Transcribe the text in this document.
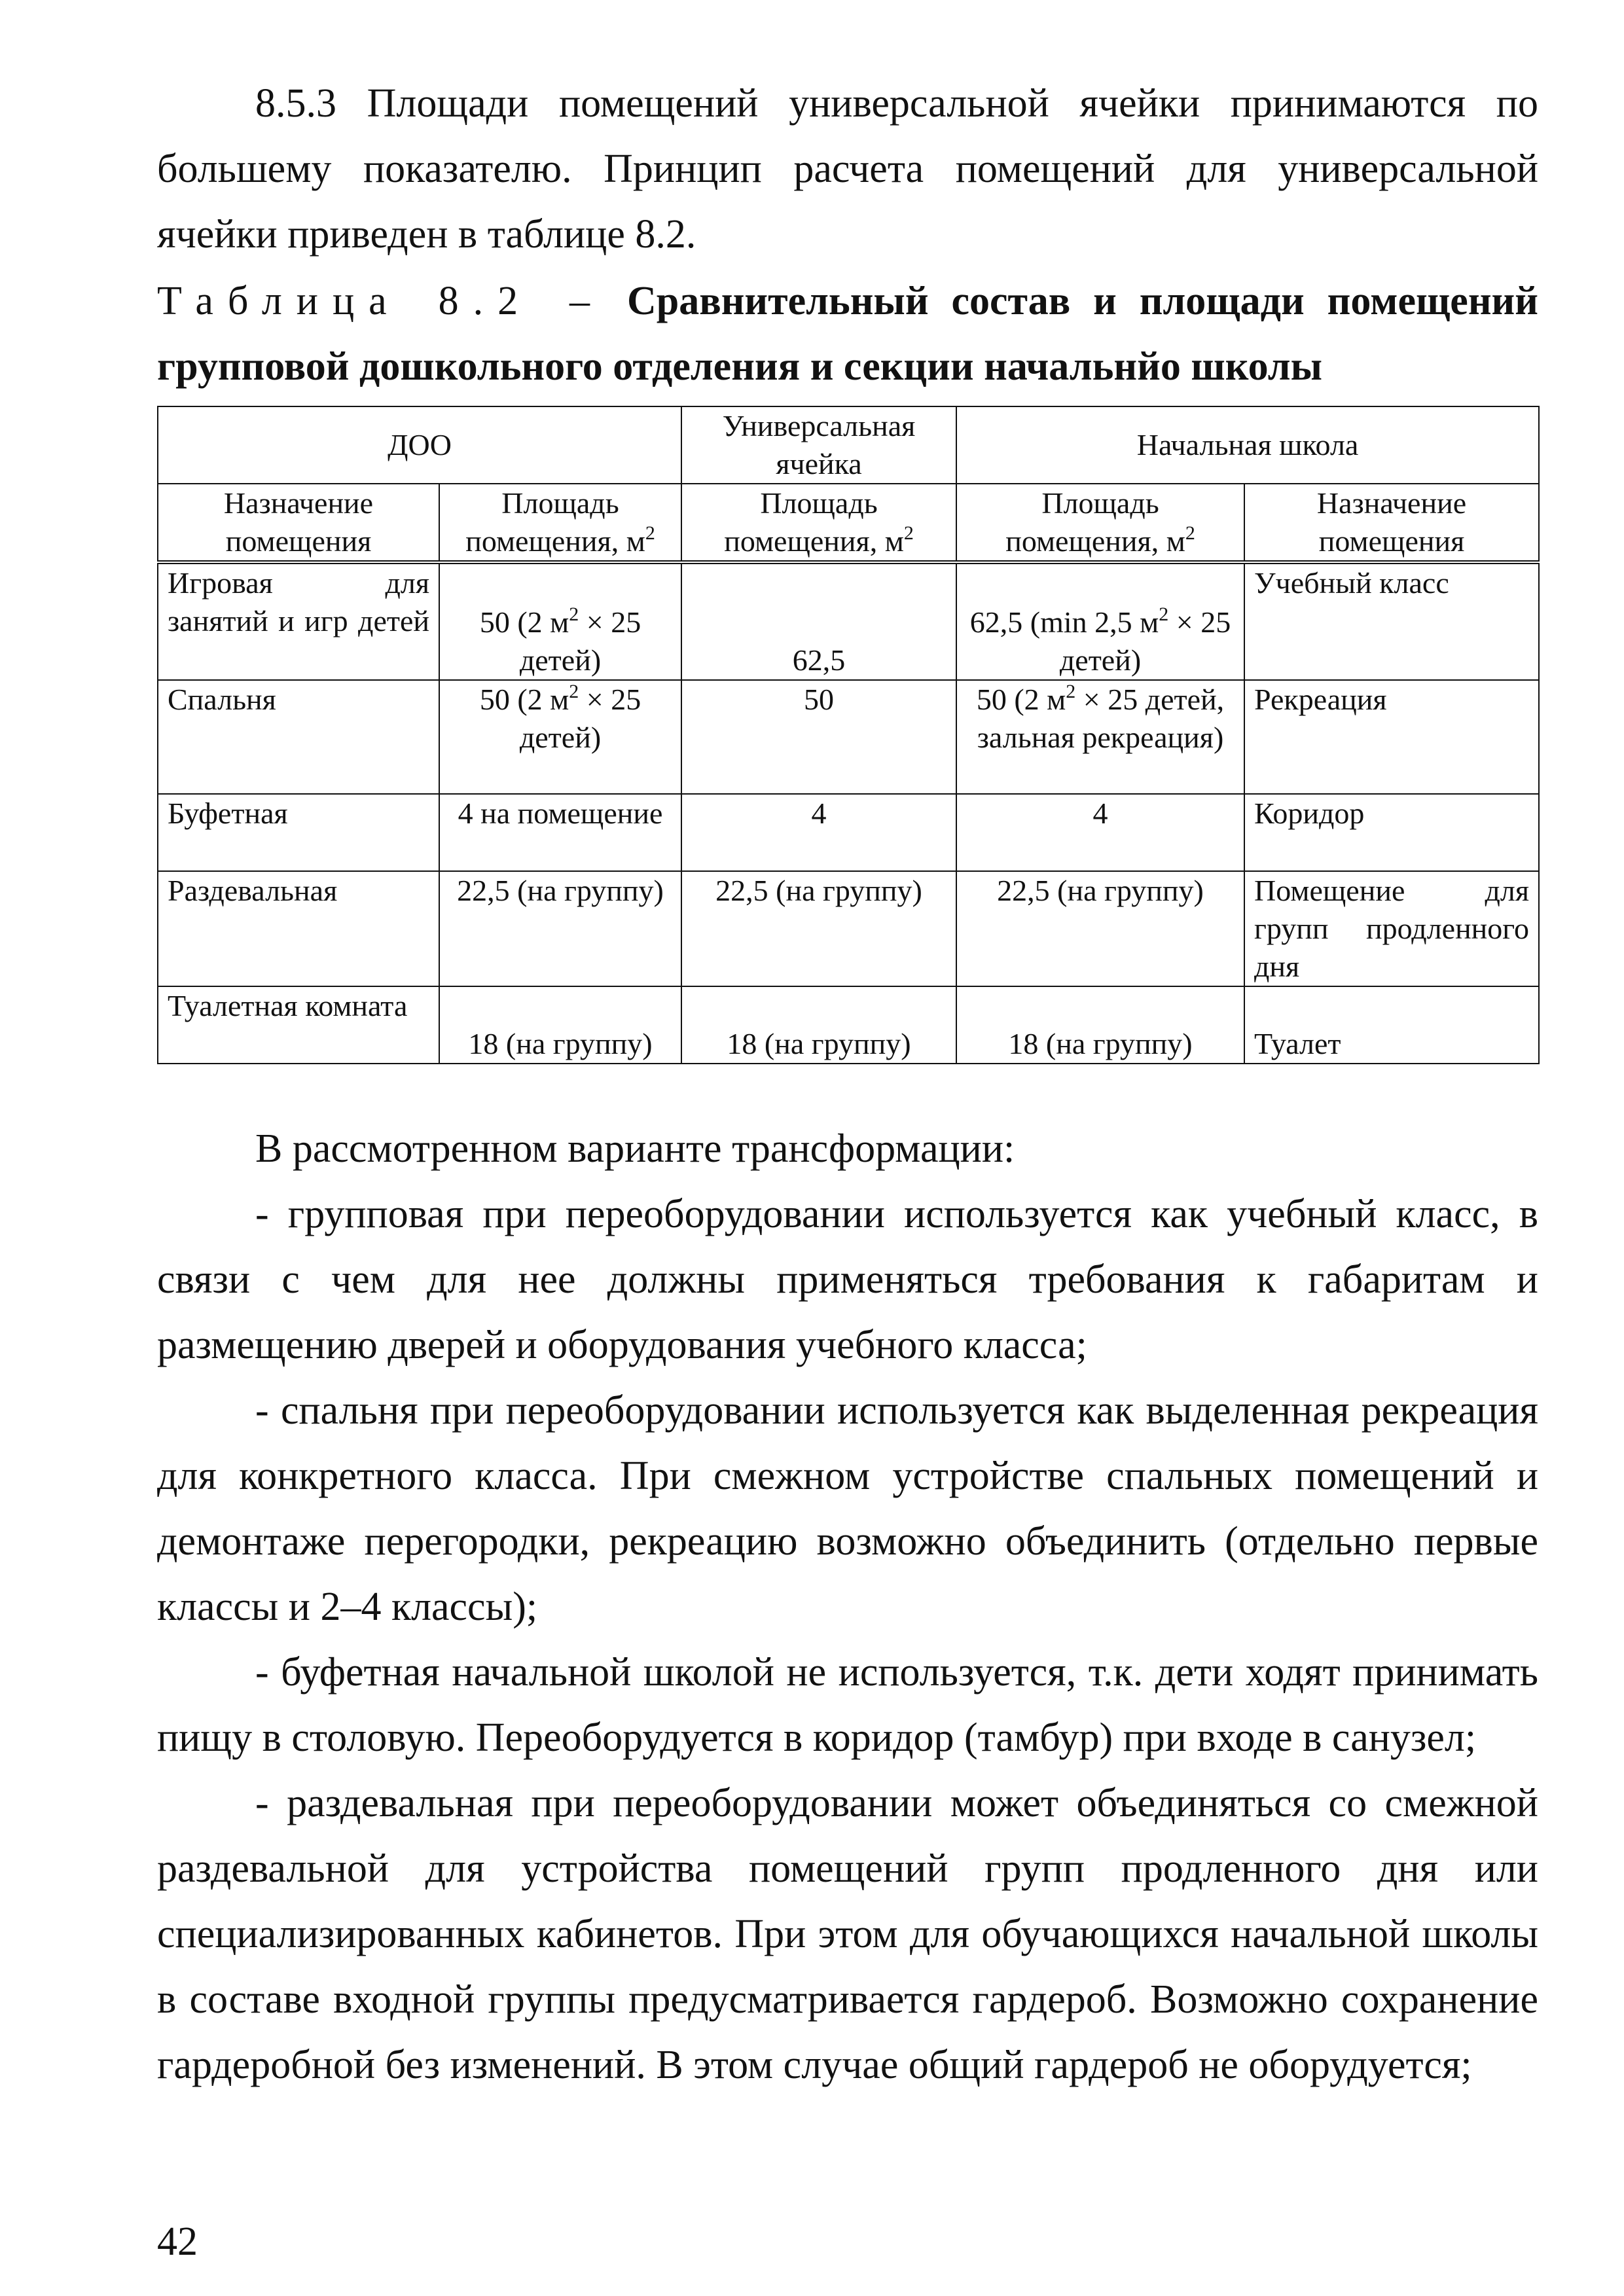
8.5.3 Площади помещений универсальной ячейки принимаются по большему показателю. Принцип расчета помещений для универсальной ячейки приведен в таблице 8.2.

Таблица 8.2 – Сравнительный состав и площади помещений групповой дошкольного отделения и секции начальнйо школы

ДОО		Универсальная ячейка	Начальная школа	
Назначение помещения	Площадь помещения, $м^2$	Площадь помещения, $м^2$	Площадь помещения, $м^2$	Назначение помещения

Игровая для занятий и игр детей	50 (2 $м^2 \times 25$ детей)	62,5	62,5 (min 2,5 $м^2 \times 25$ детей)	Учебный класс
Спальня	50 (2 $м^2 \times 25$ детей)	50	50 (2 $м^2 \times 25$ детей, зальная рекреация)	Рекреация
Буфетная	4 на помещение	4	4	Коридор
Раздевальная	22,5 (на группу)	22,5 (на группу)	22,5 (на группу)	Помещение для групп продленного дня

Туалетная комната	18 (на группу)	18 (на группу)	18 (на группу)	Туалет

В рассмотренном варианте трансформации:

- групповая при переоборудовании используется как учебный класс, в связи с чем для нее должны применяться требования к габаритам и размещению дверей и оборудования учебного класса;

- спальня при переоборудовании используется как выделенная рекреация для конкретного класса. При смежном устройстве спальных помещений и демонтаже перегородки, рекреацию возможно объединить (отдельно первые классы и 2–4 классы);

- буфетная начальной школой не используется, т.к. дети ходят принимать пищу в столовую. Переоборудуется в коридор (тамбур) при входе в санузел;

- раздевальная при переоборудовании может объединяться со смежной раздевальной для устройства помещений групп продленного дня или специализированных кабинетов. При этом для обучающихся начальной школы в составе входной группы предусматривается гардероб. Возможно сохранение гардеробной без изменений. В этом случае общий гардероб не оборудуется;

42
